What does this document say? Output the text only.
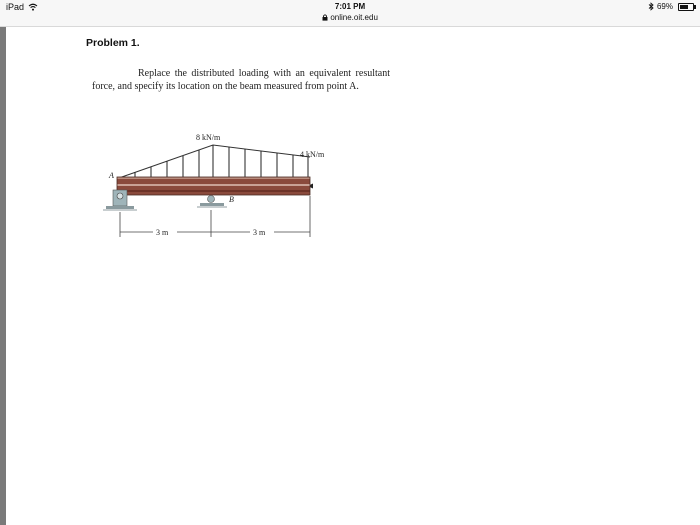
iPad	7:01 PM
online.oit.edu
69%
Problem 1.
Replace the distributed loading with an equivalent resultant force, and specify its location on the beam measured from point A.
8 kN/m
4 kN/m
A
B
3 m	3 m
